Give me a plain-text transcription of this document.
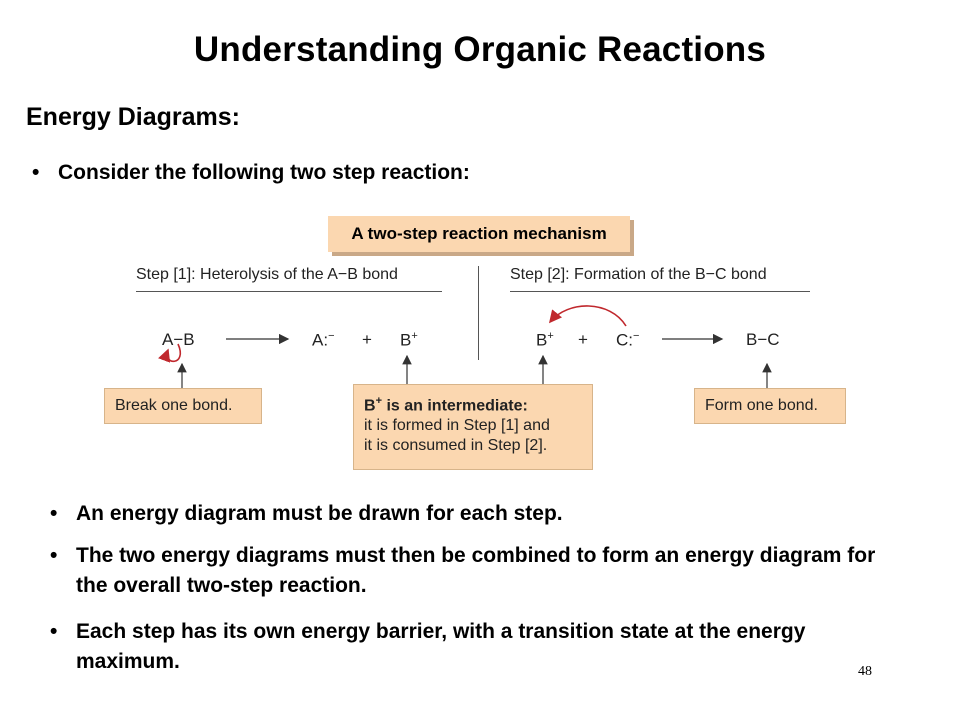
Understanding Organic Reactions
Energy Diagrams:
• Consider the following two step reaction:
A two-step reaction mechanism
Step [1]: Heterolysis of the A−B bond	Step [2]: Formation of the B−C bond
A−B	A:− + B+	B+ + C:−	B−C
Break one bond.	B+ is an intermediate:
it is formed in Step [1] and
it is consumed in Step [2].
Form one bond.
• An energy diagram must be drawn for each step.
• The two energy diagrams must then be combined to form an energy diagram for the overall two-step reaction.
• Each step has its own energy barrier, with a transition state at the energy maximum.	48
